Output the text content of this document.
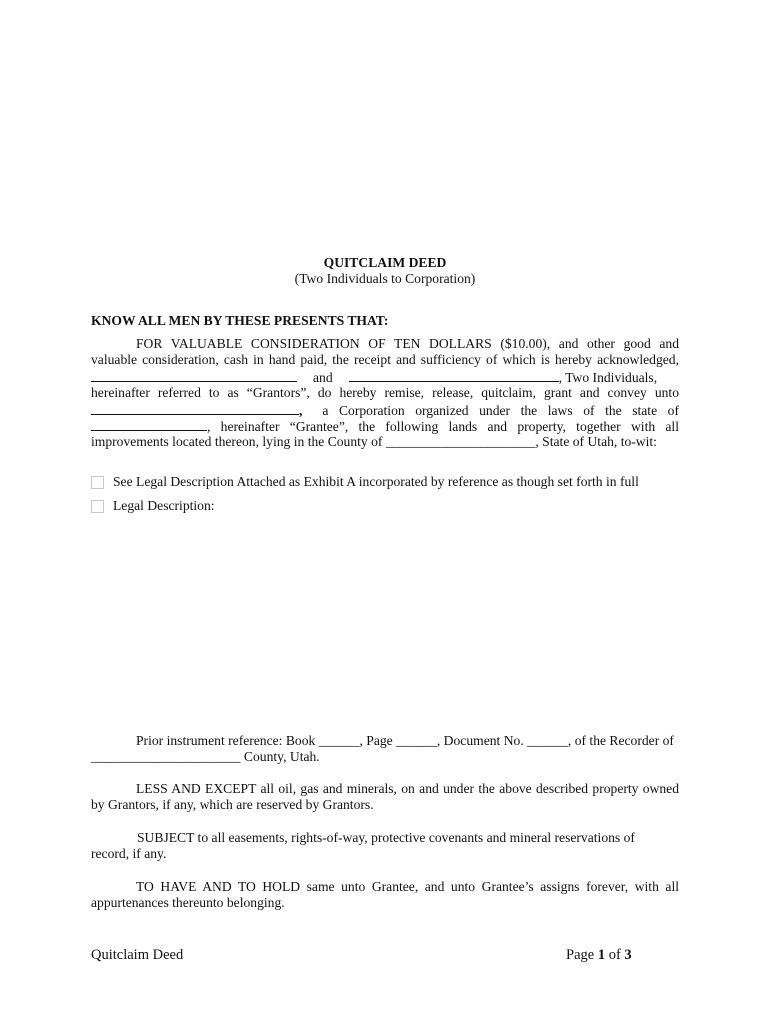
QUITCLAIM DEED
(Two Individuals to Corporation)
KNOW ALL MEN BY THESE PRESENTS THAT:
FOR VALUABLE CONSIDERATION OF TEN DOLLARS ($10.00), and other good and
valuable consideration, cash in hand paid, the receipt and sufficiency of which is hereby acknowledged,
and	, Two Individuals,
hereinafter referred to as “Grantors”, do hereby remise, release, quitclaim, grant and convey unto
, a Corporation organized under the laws of the state of
, hereinafter “Grantee”, the following lands and property, together with all
improvements located thereon, lying in the County of ______________________, State of Utah, to-wit:
See Legal Description Attached as Exhibit A incorporated by reference as though set forth in full
Legal Description:
Prior instrument reference: Book ______, Page ______, Document No. ______, of the Recorder of
______________________ County, Utah.
LESS AND EXCEPT all oil, gas and minerals, on and under the above described property owned
by Grantors, if any, which are reserved by Grantors.
SUBJECT to all easements, rights-of-way, protective covenants and mineral reservations of
record, if any.
TO HAVE AND TO HOLD same unto Grantee, and unto Grantee’s assigns forever, with all
appurtenances thereunto belonging.
Quitclaim Deed	Page 1 of 3
